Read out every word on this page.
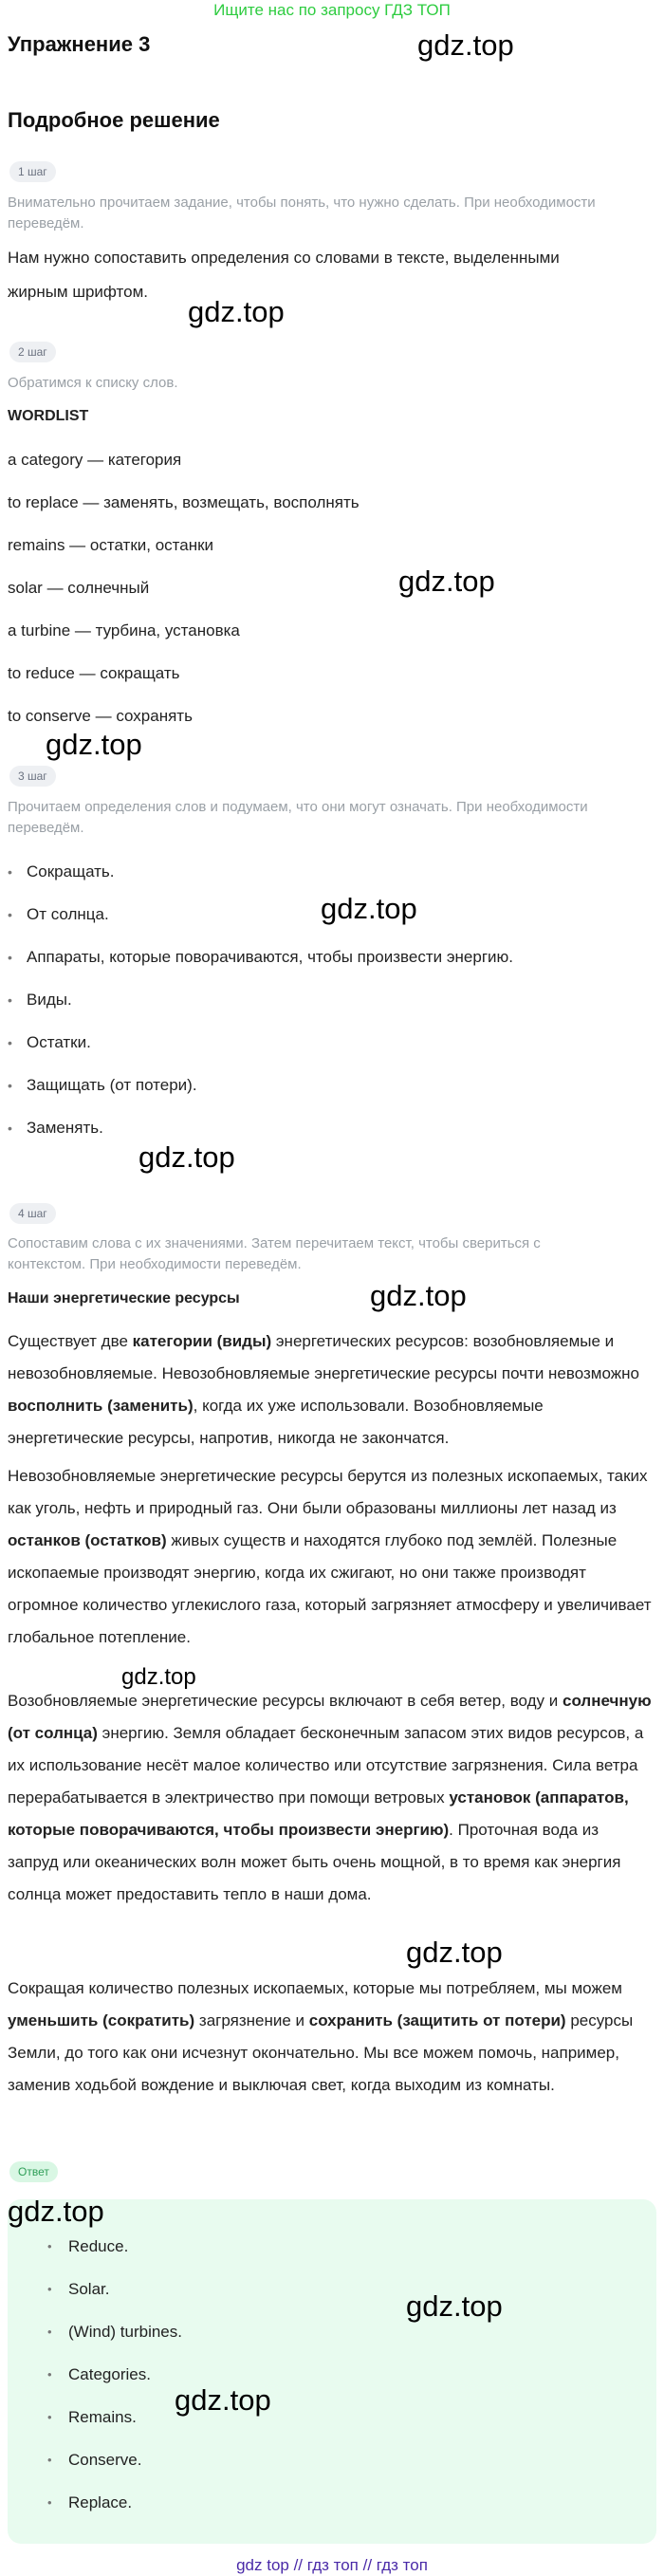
Ищите нас по запросу ГДЗ ТОП
Упражнение 3
Подробное решение
1 шаг
Внимательно прочитаем задание, чтобы понять, что нужно сделать. При необходимости
переведём.
Нам нужно сопоставить определения со словами в тексте, выделенными
жирным шрифтом.
2 шаг
Обратимся к списку слов.
WORDLIST
a category — категория
to replace — заменять, возмещать, восполнять
remains — остатки, останки
solar — солнечный
a turbine — турбина, установка
to reduce — сокращать
to conserve — сохранять
3 шаг
Прочитаем определения слов и подумаем, что они могут означать. При необходимости
переведём.
• Сокращать.
• От солнца.
• Аппараты, которые поворачиваются, чтобы произвести энергию.
• Виды.
• Остатки.
• Защищать (от потери).
• Заменять.
4 шаг
Сопоставим слова с их значениями. Затем перечитаем текст, чтобы свериться с
контекстом. При необходимости переведём.
Наши энергетические ресурсы
Существует две категории (виды) энергетических ресурсов: возобновляемые и невозобновляемые. Невозобновляемые энергетические ресурсы почти невозможно восполнить (заменить), когда их уже использовали. Возобновляемые энергетические ресурсы, напротив, никогда не закончатся.
Невозобновляемые энергетические ресурсы берутся из полезных ископаемых, таких как уголь, нефть и природный газ. Они были образованы миллионы лет назад из останков (остатков) живых существ и находятся глубоко под землёй. Полезные ископаемые производят энергию, когда их сжигают, но они также производят огромное количество углекислого газа, который загрязняет атмосферу и увеличивает глобальное потепление.
Возобновляемые энергетические ресурсы включают в себя ветер, воду и солнечную (от солнца) энергию. Земля обладает бесконечным запасом этих видов ресурсов, а их использование несёт малое количество или отсутствие загрязнения. Сила ветра перерабатывается в электричество при помощи ветровых установок (аппаратов, которые поворачиваются, чтобы произвести энергию). Проточная вода из запруд или океанических волн может быть очень мощной, в то время как энергия солнца может предоставить тепло в наши дома.
Сокращая количество полезных ископаемых, которые мы потребляем, мы можем уменьшить (сократить) загрязнение и сохранить (защитить от потери) ресурсы Земли, до того как они исчезнут окончательно. Мы все можем помочь, например, заменив ходьбой вождение и выключая свет, когда выходим из комнаты.
Ответ
• Reduce.
• Solar.
• (Wind) turbines.
• Categories.
• Remains.
• Conserve.
• Replace.
gdz.top
gdz.top
gdz.top
gdz.top
gdz.top
gdz.top
gdz.top
gdz.top
gdz.top
gdz.top
gdz.top
gdz.top
gdz top // гдз топ // гдз топ
